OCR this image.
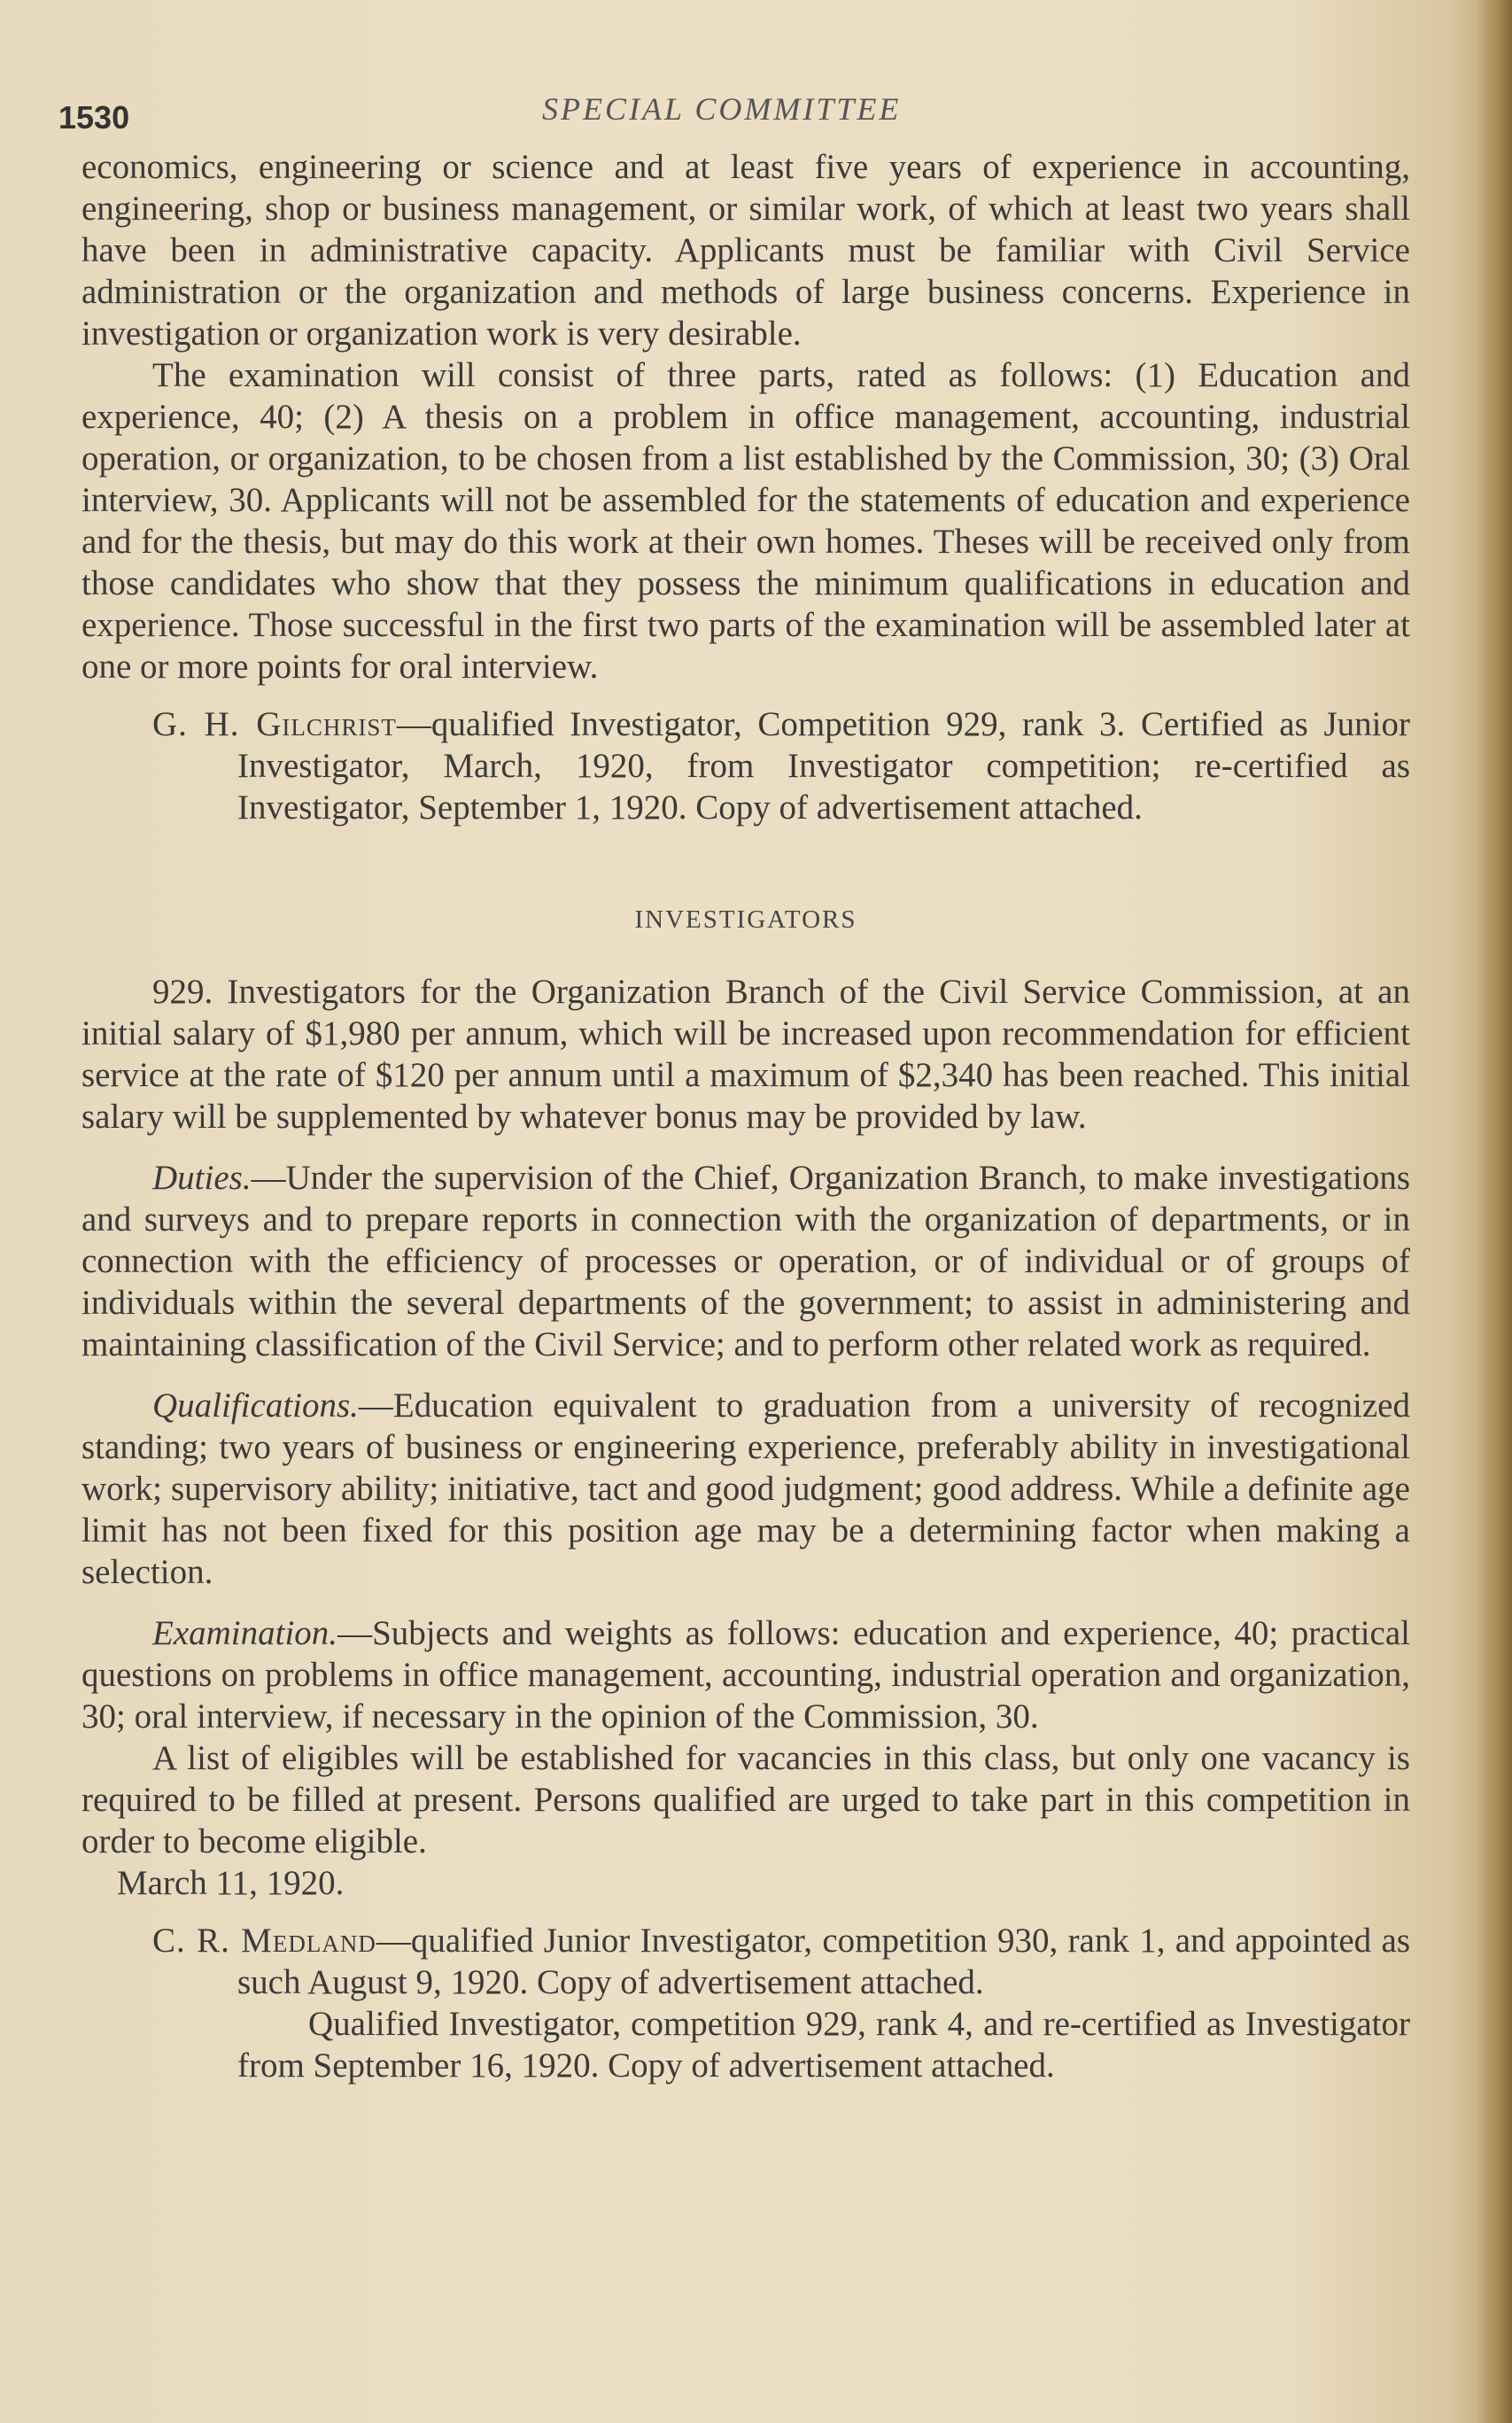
1530	SPECIAL COMMITTEE

economics, engineering or science and at least five years of experience in accounting, engineering, shop or business management, or similar work, of which at least two years shall have been in administrative capacity. Applicants must be familiar with Civil Service administration or the organization and methods of large business concerns. Experience in investigation or organization work is very desirable.

The examination will consist of three parts, rated as follows: (1) Education and experience, 40; (2) A thesis on a problem in office management, accounting, industrial operation, or organization, to be chosen from a list established by the Commission, 30; (3) Oral interview, 30. Applicants will not be assembled for the statements of education and experience and for the thesis, but may do this work at their own homes. Theses will be received only from those candidates who show that they possess the minimum qualifications in education and experience. Those successful in the first two parts of the examination will be assembled later at one or more points for oral interview.

G. H. Gilchrist—qualified Investigator, Competition 929, rank 3. Certified as Junior Investigator, March, 1920, from Investigator competition; re-certified as Investigator, September 1, 1920. Copy of advertisement attached.

INVESTIGATORS

929. Investigators for the Organization Branch of the Civil Service Commission, at an initial salary of $1,980 per annum, which will be increased upon recommendation for efficient service at the rate of $120 per annum until a maximum of $2,340 has been reached. This initial salary will be supplemented by whatever bonus may be provided by law.

Duties.—Under the supervision of the Chief, Organization Branch, to make investigations and surveys and to prepare reports in connection with the organization of departments, or in connection with the efficiency of processes or operation, or of individual or of groups of individuals within the several departments of the government; to assist in administering and maintaining classification of the Civil Service; and to perform other related work as required.

Qualifications.—Education equivalent to graduation from a university of recognized standing; two years of business or engineering experience, preferably ability in investigational work; supervisory ability; initiative, tact and good judgment; good address. While a definite age limit has not been fixed for this position age may be a determining factor when making a selection.

Examination.—Subjects and weights as follows: education and experience, 40; practical questions on problems in office management, accounting, industrial operation and organization, 30; oral interview, if necessary in the opinion of the Commission, 30.

A list of eligibles will be established for vacancies in this class, but only one vacancy is required to be filled at present. Persons qualified are urged to take part in this competition in order to become eligible.

March 11, 1920.

C. R. Medland—qualified Junior Investigator, competition 930, rank 1, and appointed as such August 9, 1920. Copy of advertisement attached.

Qualified Investigator, competition 929, rank 4, and re-certified as Investigator from September 16, 1920. Copy of advertisement attached.
